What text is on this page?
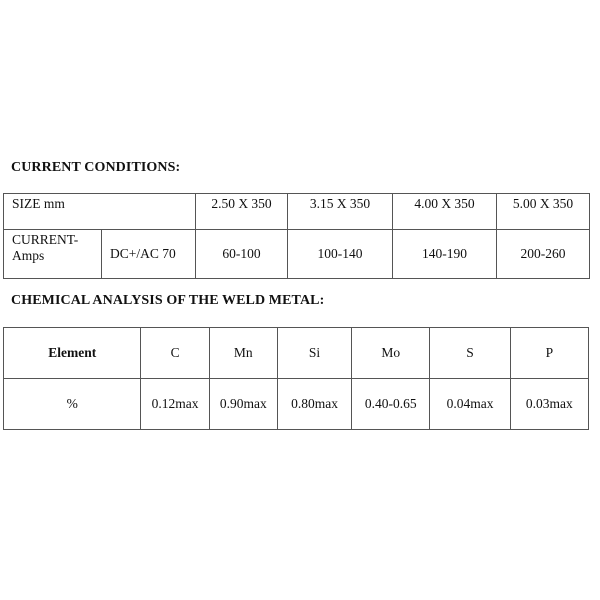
CURRENT CONDITIONS:
SIZE mm		2.50 X 350	3.15 X 350	4.00 X 350	5.00 X 350
CURRENT-
Amps	DC+/AC 70	60-100	100-140	140-190	200-260
CHEMICAL ANALYSIS OF THE WELD METAL:
Element	C	Mn	Si	Mo	S	P
%	0.12max	0.90max	0.80max	0.40-0.65	0.04max	0.03max
